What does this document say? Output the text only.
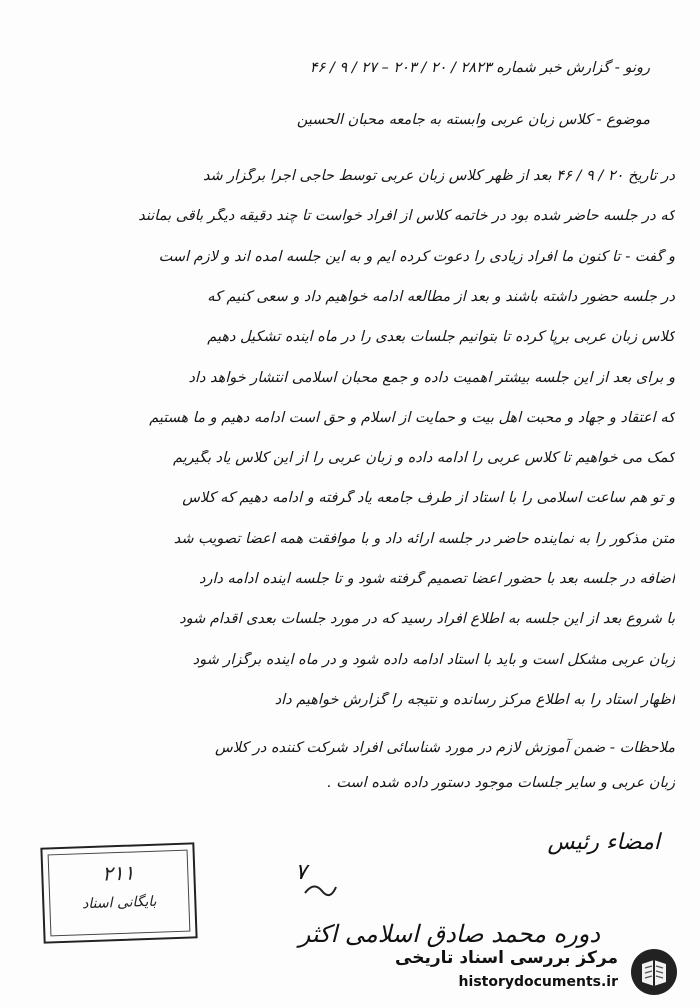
رونو - گزارش خبر شماره ۲۸۲۳ / ۲۰ / ۲۰۳ – ۲۷ / ۹ / ۴۶
موضوع - کلاس زبان عربی وابسته به جامعه محبان الحسین
در تاریخ ۲۰ / ۹ / ۴۶ بعد از ظهر کلاس زبان عربی توسط حاجی اجرا برگزار شد
که در جلسه حاضر شده بود در خاتمه کلاس از افراد خواست تا چند دقیقه دیگر باقی بمانند
و گفت - تا کنون ما افراد زیادی را دعوت کرده ایم و به این جلسه آمده اند و لازم است
در جلسه حضور داشته باشند و بعد از مطالعه ادامه خواهیم داد و سعی کنیم که
کلاس زبان عربی برپا کرده تا بتوانیم جلسات بعدی را در ماه آینده تشکیل دهیم
و برای بعد از این جلسه بیشتر اهمیت داده و جمع محبان اسلامی انتشار خواهد داد
که اعتقاد و جهاد و محبت اهل بیت و حمایت از اسلام و حق است ادامه دهیم و ما هستیم
کمک می خواهیم تا کلاس عربی را ادامه داده و زبان عربی را از این کلاس یاد بگیریم
و تو هم ساعت اسلامی را با استاد از طرف جامعه یاد گرفته و ادامه دهیم که کلاس
متن مذکور را به نماینده حاضر در جلسه ارائه داد و با موافقت همه اعضا تصویب شد
اضافه در جلسه بعد با حضور اعضا تصمیم گرفته شود و تا جلسه آینده ادامه دارد
با شروع بعد از این جلسه به اطلاع افراد رسید که در مورد جلسات بعدی اقدام شود
زبان عربی مشکل است و باید با استاد ادامه داده شود و در ماه آینده برگزار شود
اظهار استاد را به اطلاع مرکز رسانده و نتیجه را گزارش خواهیم داد
ملاحظات - ضمن آموزش لازم در مورد شناسائی افراد شرکت کننده در کلاس
زبان عربی و سایر جلسات موجود دستور داده شده است .
امضاء رئیس
۷
دوره محمد صادق اسلامی اکثر
۲۱۱
بایگانی اسناد
مرکز بررسی اسناد تاریخی
historydocuments.ir
